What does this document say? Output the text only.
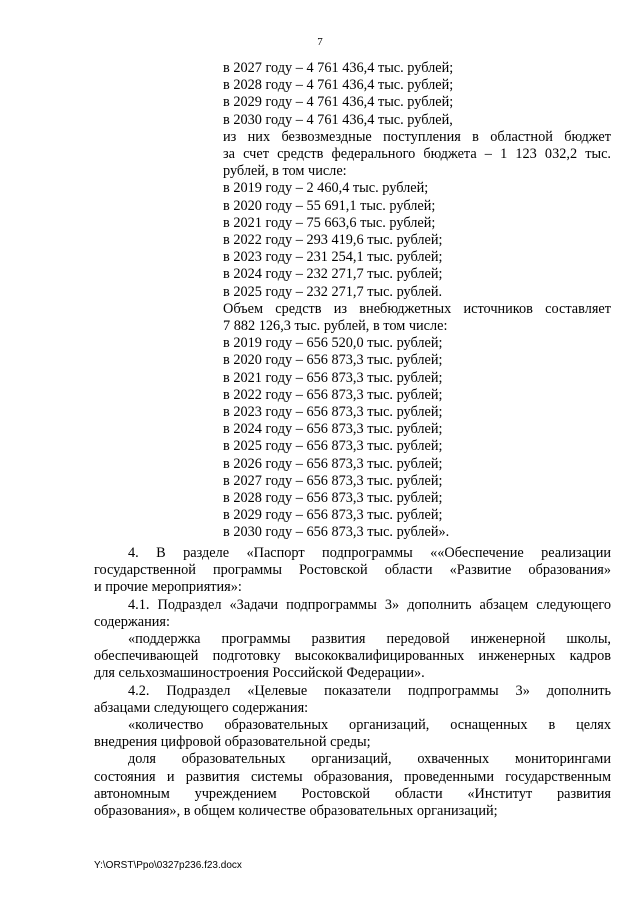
7
в 2027 году – 4 761 436,4 тыс. рублей;
в 2028 году – 4 761 436,4 тыс. рублей;
в 2029 году – 4 761 436,4 тыс. рублей;
в 2030 году – 4 761 436,4 тыс. рублей,
из них безвозмездные поступления в областной бюджет
за счет средств федерального бюджета – 1 123 032,2 тыс.
рублей, в том числе:
в 2019 году – 2 460,4 тыс. рублей;
в 2020 году – 55 691,1 тыс. рублей;
в 2021 году – 75 663,6 тыс. рублей;
в 2022 году – 293 419,6 тыс. рублей;
в 2023 году – 231 254,1 тыс. рублей;
в 2024 году – 232 271,7 тыс. рублей;
в 2025 году – 232 271,7 тыс. рублей.
Объем средств из внебюджетных источников составляет
7 882 126,3 тыс. рублей, в том числе:
в 2019 году – 656 520,0 тыс. рублей;
в 2020 году – 656 873,3 тыс. рублей;
в 2021 году – 656 873,3 тыс. рублей;
в 2022 году – 656 873,3 тыс. рублей;
в 2023 году – 656 873,3 тыс. рублей;
в 2024 году – 656 873,3 тыс. рублей;
в 2025 году – 656 873,3 тыс. рублей;
в 2026 году – 656 873,3 тыс. рублей;
в 2027 году – 656 873,3 тыс. рублей;
в 2028 году – 656 873,3 тыс. рублей;
в 2029 году – 656 873,3 тыс. рублей;
в 2030 году – 656 873,3 тыс. рублей».
4. В разделе «Паспорт подпрограммы ««Обеспечение реализации
государственной программы Ростовской области «Развитие образования»
и прочие мероприятия»:
4.1. Подраздел «Задачи подпрограммы 3» дополнить абзацем следующего
содержания:
«поддержка программы развития передовой инженерной школы,
обеспечивающей подготовку высококвалифицированных инженерных кадров
для сельхозмашиностроения Российской Федерации».
4.2. Подраздел «Целевые показатели подпрограммы 3» дополнить
абзацами следующего содержания:
«количество образовательных организаций, оснащенных в целях
внедрения цифровой образовательной среды;
доля образовательных организаций, охваченных мониторингами
состояния и развития системы образования, проведенными государственным
автономным учреждением Ростовской области «Институт развития
образования», в общем количестве образовательных организаций;
Y:\ORST\Ppo\0327p236.f23.docx
